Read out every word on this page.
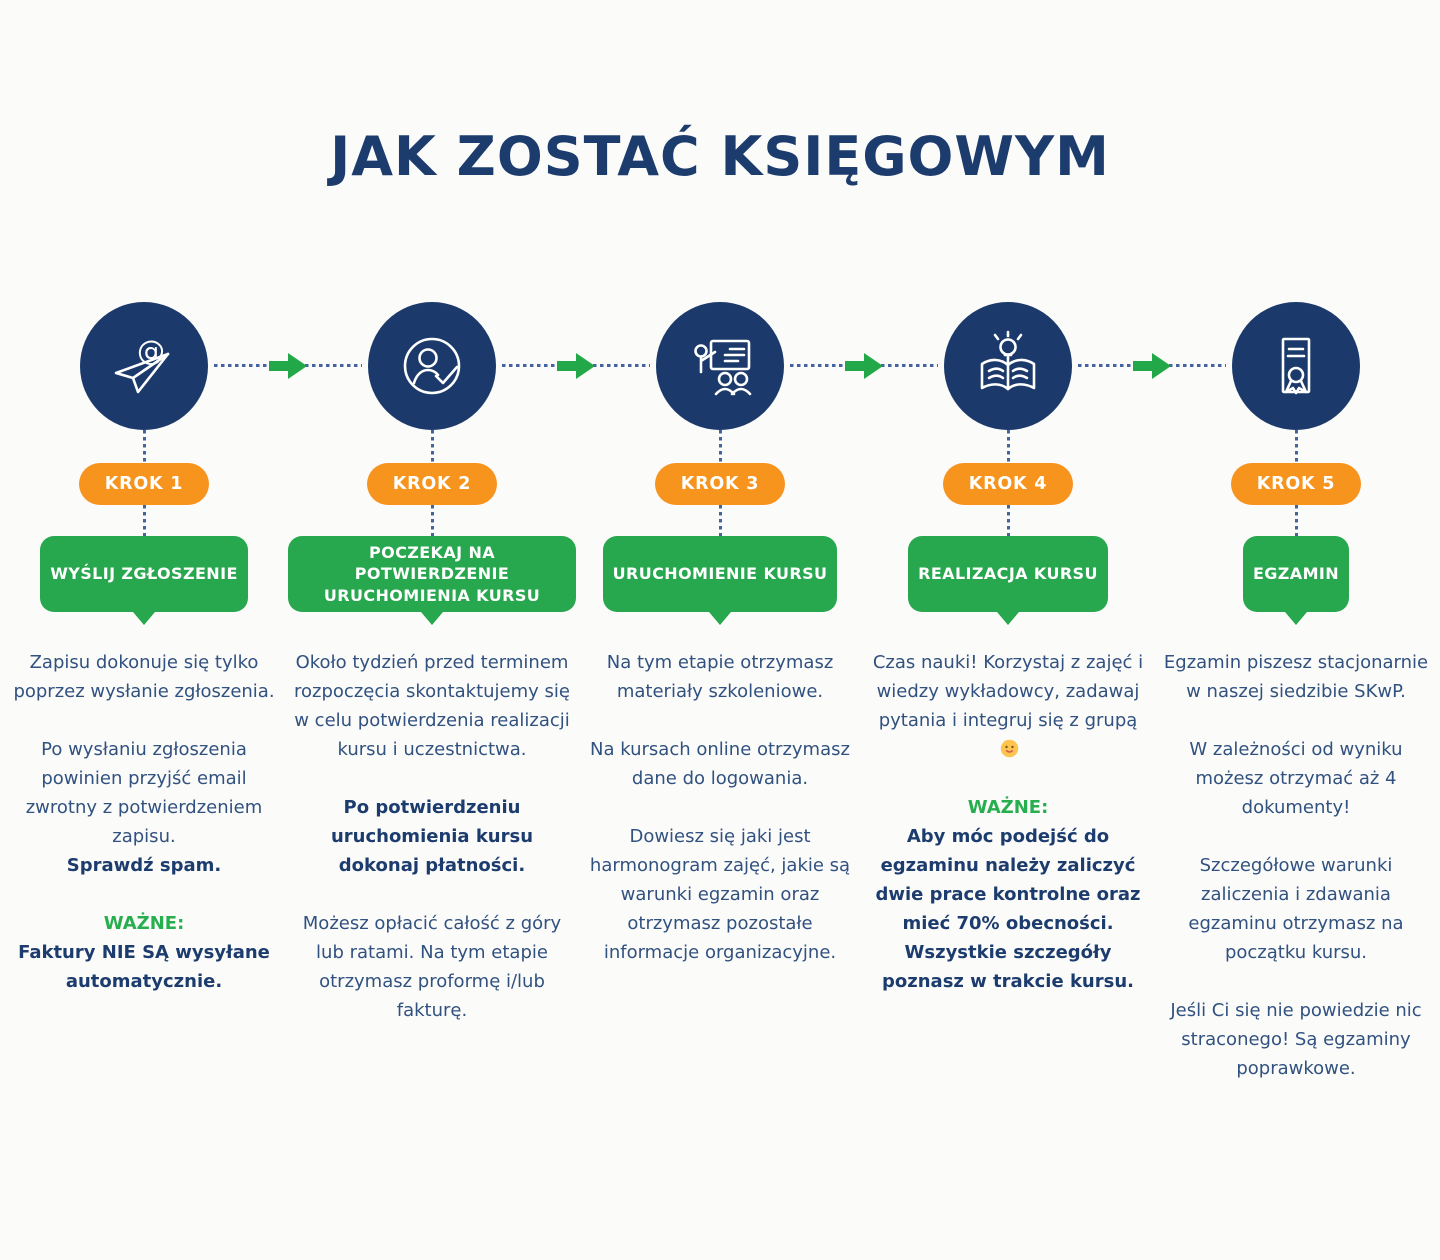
JAK ZOSTAĆ KSIĘGOWYM
@
KROK 1
WYŚLIJ ZGŁOSZENIE

Zapisu dokonuje się tylko poprzez wysłanie zgłoszenia.

Po wysłaniu zgłoszenia powinien przyjść email zwrotny z potwierdzeniem zapisu.

Sprawdź spam.

WAŻNE:

Faktury NIE SĄ wysyłane automatycznie.

KROK 2
POCZEKAJ NA POTWIERDZENIE URUCHOMIENIA KURSU

Około tydzień przed terminem rozpoczęcia skontaktujemy się w celu potwierdzenia realizacji kursu i uczestnictwa.

Po potwierdzeniu uruchomienia kursu dokonaj płatności.

Możesz opłacić całość z góry lub ratami. Na tym etapie otrzymasz proformę i/lub fakturę.

KROK 3
URUCHOMIENIE KURSU

Na tym etapie otrzymasz materiały szkoleniowe.

Na kursach online otrzymasz dane do logowania.

Dowiesz się jaki jest harmonogram zajęć, jakie są warunki egzamin oraz otrzymasz pozostałe informacje organizacyjne.

KROK 4
REALIZACJA KURSU

Czas nauki! Korzystaj z zajęć i wiedzy wykładowcy, zadawaj pytania i integruj się z grupą

WAŻNE:

Aby móc podejść do egzaminu należy zaliczyć dwie prace kontrolne oraz mieć 70% obecności. Wszystkie szczegóły poznasz w trakcie kursu.

KROK 5
EGZAMIN

Egzamin piszesz stacjonarnie w naszej siedzibie SKwP.

W zależności od wyniku możesz otrzymać aż 4 dokumenty!

Szczegółowe warunki zaliczenia i zdawania egzaminu otrzymasz na początku kursu.

Jeśli Ci się nie powiedzie nic straconego! Są egzaminy poprawkowe.
